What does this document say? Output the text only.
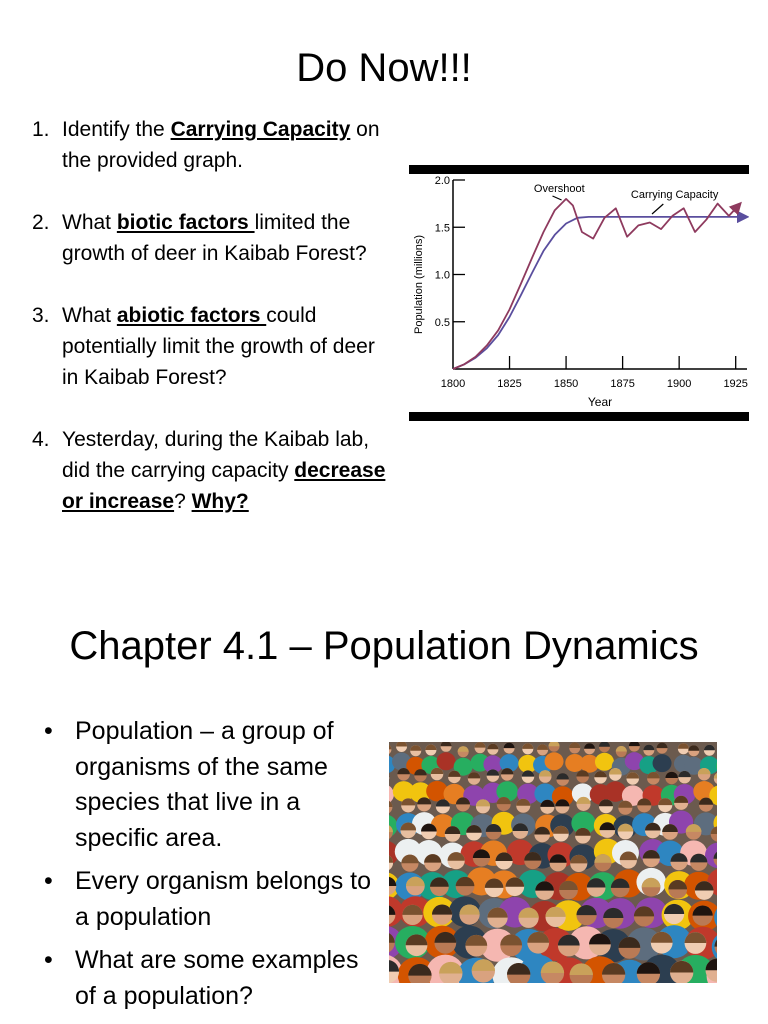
Do Now!!!
1. Identify the Carrying Capacity on the provided graph.
2. What biotic factors limited the growth of deer in Kaibab Forest?
3. What abiotic factors could potentially limit the growth of deer in Kaibab Forest?
4. Yesterday, during the Kaibab lab, did the carrying capacity decrease or increase? Why?
Year
Population (millions) 0.5
1.0
1.5
2.0
1800	1825	1850	1875	1900	1925
Overshoot	Carrying Capacity
Chapter 4.1 – Population Dynamics
• Population – a group of organisms of the same species that live in a specific area.
• Every organism belongs to a population
• What are some examples of a population?
